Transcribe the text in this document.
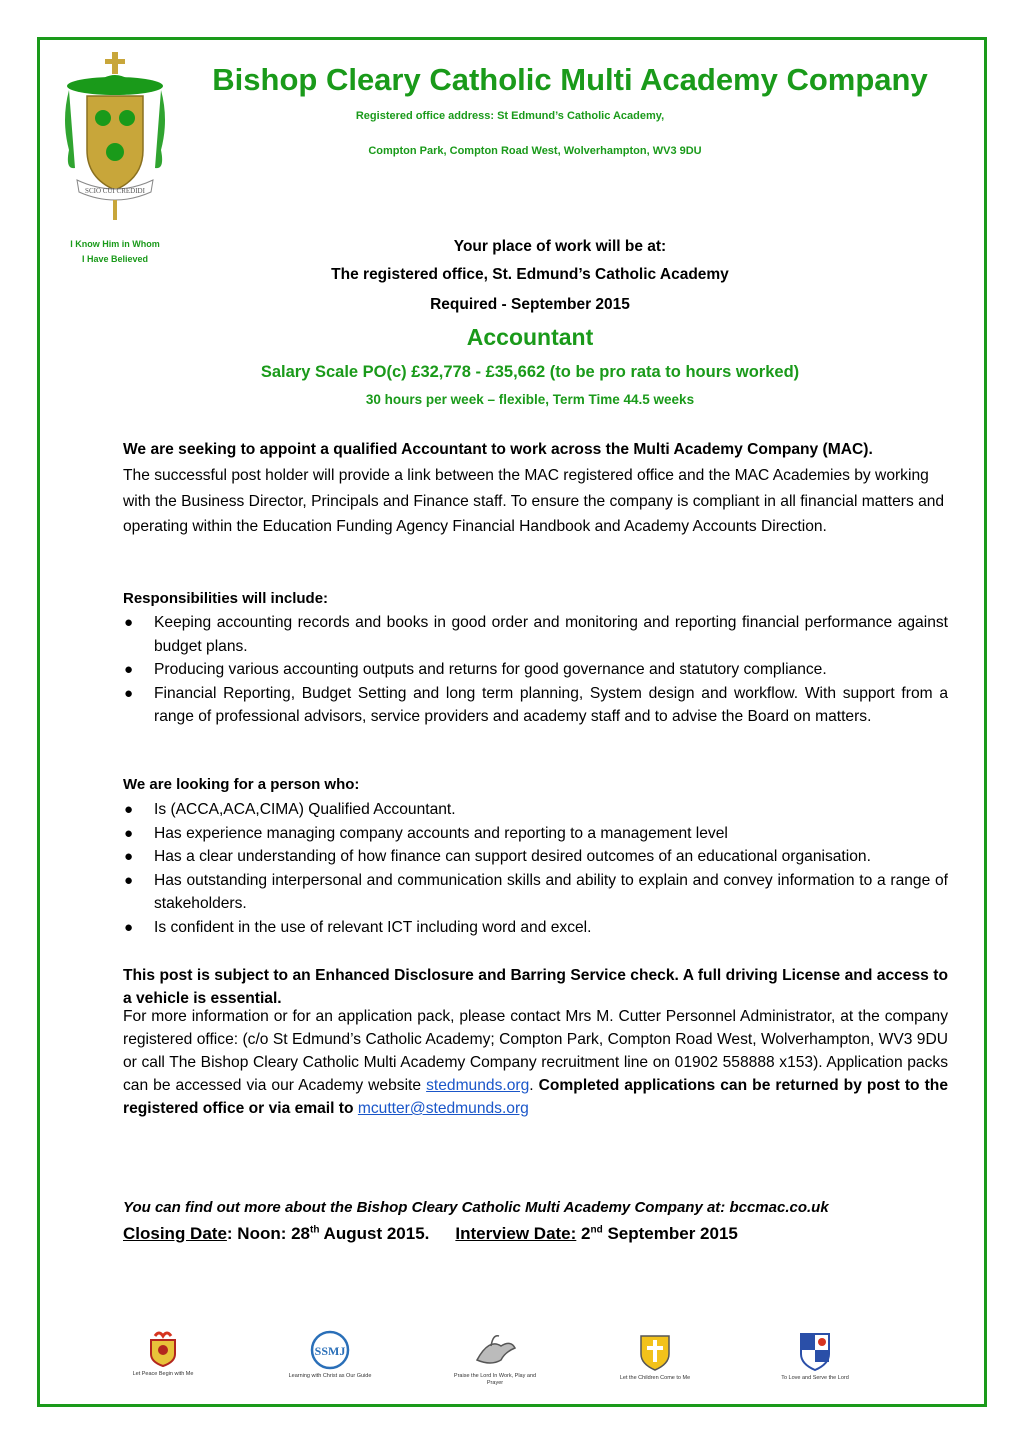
SCIO CUI CREDIDI
I Know Him in Whom
I Have Believed
Bishop Cleary Catholic Multi Academy Company
Registered office address: St Edmund’s Catholic Academy,
Compton Park, Compton Road West, Wolverhampton, WV3 9DU
Your place of work will be at:
The registered office, St. Edmund’s Catholic Academy
Required - September 2015
Accountant
Salary Scale PO(c) £32,778 - £35,662 (to be pro rata to hours worked)
30 hours per week – flexible, Term Time 44.5 weeks
We are seeking to appoint a qualified Accountant to work across the Multi Academy Company (MAC).
The successful post holder will provide a link between the MAC registered office and the MAC Academies by working with the Business Director, Principals and Finance staff. To ensure the company is compliant in all financial matters and operating within the Education Funding Agency Financial Handbook and Academy Accounts Direction.
Responsibilities will include:
● Keeping accounting records and books in good order and monitoring and reporting financial performance against budget plans.
● Producing various accounting outputs and returns for good governance and statutory compliance.
● Financial Reporting, Budget Setting and long term planning, System design and workflow. With support from a range of professional advisors, service providers and academy staff and to advise the Board on matters.
We are looking for a person who:
● Is (ACCA,ACA,CIMA) Qualified Accountant.
● Has experience managing company accounts and reporting to a management level
● Has a clear understanding of how finance can support desired outcomes of an educational organisation.
● Has outstanding interpersonal and communication skills and ability to explain and convey information to a range of stakeholders.
● Is confident in the use of relevant ICT including word and excel.
This post is subject to an Enhanced Disclosure and Barring Service check. A full driving License and access to a vehicle is essential.
For more information or for an application pack, please contact Mrs M. Cutter Personnel Administrator, at the company registered office: (c/o St Edmund’s Catholic Academy; Compton Park, Compton Road West, Wolverhampton, WV3 9DU or call The Bishop Cleary Catholic Multi Academy Company recruitment line on 01902 558888 x153). Application packs can be accessed via our Academy website stedmunds.org. Completed applications can be returned by post to the registered office or via email to mcutter@stedmunds.org
You can find out more about the Bishop Cleary Catholic Multi Academy Company at: bccmac.co.uk
Closing Date: Noon: 28th August 2015. Interview Date: 2nd September 2015
Let Peace Begin with Me
SSMJ
Learning with Christ as Our Guide	Praise the Lord In Work, Play and Prayer
Let the Children Come to Me	To Love and Serve the Lord
